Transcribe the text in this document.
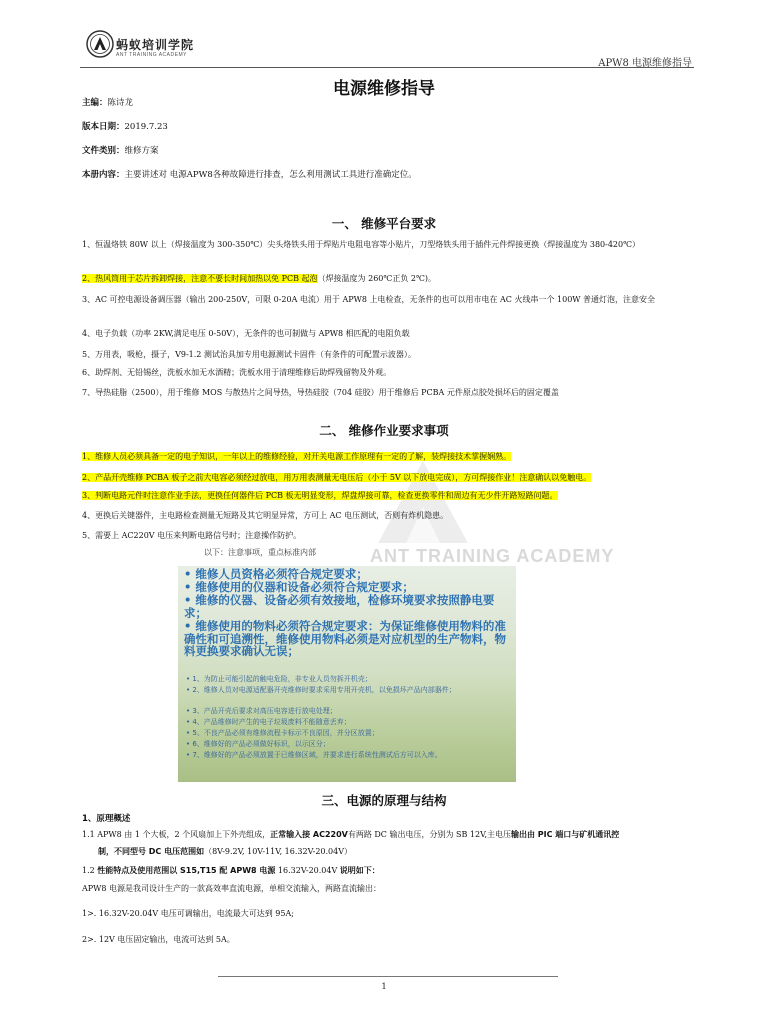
蚂蚁培训学院
ANT TRAINING ACADEMY
APW8 电源维修指导
电源维修指导
主编：陈诗龙
版本日期：2019.7.23
文件类别：维修方案
本册内容：主要讲述对 电源APW8各种故障进行排查，怎么利用测试工具进行准确定位。
一、 维修平台要求
1、恒温烙铁 80W 以上（焊接温度为 300-350℃）尖头烙铁头用于焊贴片电阻电容等小贴片，刀型烙铁头用于插件元件焊接更换（焊接温度为 380-420℃）
2、热风筒用于芯片拆卸焊接，注意不要长时间加热以免 PCB 起泡（焊接温度为 260℃正负 2℃)。
3、AC 可控电源设备调压器（输出 200-250V，可限 0-20A 电流）用于 APW8 上电检查，无条件的也可以用市电在 AC 火线串一个 100W 普通灯泡，注意安全
4、电子负载（功率 2KW,满足电压 0-50V），无条件的也可制做与 APW8 相匹配的电阻负载
5、万用表，吸枪，摄子，V9-1.2 测试治具加专用电源测试卡固件（有条件的可配置示波器）。
6、助焊剂、无铅锡丝，洗板水加无水酒精；洗板水用于清理维修后助焊残留物及外观。
7、导热硅脂（2500），用于维修 MOS 与散热片之间导热，导热硅胶（704 硅胶）用于维修后 PCBA 元件原点胶处损坏后的固定覆盖
二、 维修作业要求事项
1、维修人员必须具备一定的电子知识，一年以上的维修经验，对开关电源工作原理有一定的了解，装焊接技术掌握娴熟。
2、产品开壳维修 PCBA 板子之前大电容必须经过放电，用万用表测量无电压后（小于 5V 以下放电完成），方可焊接作业！注意确认以免触电。
3、判断电路元件时注意作业手法，更换任何器件后 PCB 板无明显变形，焊盘焊接可靠，检查更换零件和周边有无少件开路短路问题。
4、更换后关键器件，主电路检查测量无短路及其它明显异常，方可上 AC 电压测试，否则有炸机隐患。
5、需要上 AC220V 电压来判断电路信号时；注意操作防护。
以下：注意事项，重点标准内部
• 维修人员资格必须符合规定要求；
• 维修使用的仪器和设备必须符合规定要求；
• 维修的仪器、设备必须有效接地，检修环境要求按照静电要求；
• 维修使用的物料必须符合规定要求：为保证维修使用物料的准确性和可追溯性，维修使用物料必须是对应机型的生产物料，物料更换要求确认无误；
• 1、为防止可能引起的触电危险，非专业人员勿拆开机壳；
• 2、维修人员对电源适配器开壳维修时要求采用专用开壳机，以免损坏产品内部器件；
• 3、产品开壳后要求对高压电容进行放电处理；
• 4、产品维修时产生的电子垃圾废料不能随意丢弃；
• 5、不良产品必须有维修流程卡标示不良原因，并分区放置；
• 6、维修好的产品必须做好标识，以示区分；
• 7、维修好的产品必须放置于已维修区域，并要求进行系统性测试后方可以入库。
ANT TRAINING ACADEMY
三、电源的原理与结构
1、原理概述
1.1 APW8 由 1 个大板，2 个风扇加上下外壳组成，正常输入接 AC220V有两路 DC 输出电压，分别为 SB 12V,主电压输出由 PIC 端口与矿机通讯控
制，不同型号 DC 电压范围如（8V-9.2V, 10V-11V, 16.32V-20.04V）
1.2 性能特点及使用范围以 S15,T15 配 APW8 电源 16.32V-20.04V 说明如下：
APW8 电源是我司设计生产的一款高效率直流电源，单相交流输入，两路直流输出：
1>. 16.32V-20.04V 电压可调输出，电流最大可达到 95A;
2>. 12V 电压固定输出，电流可达到 5A。
1
